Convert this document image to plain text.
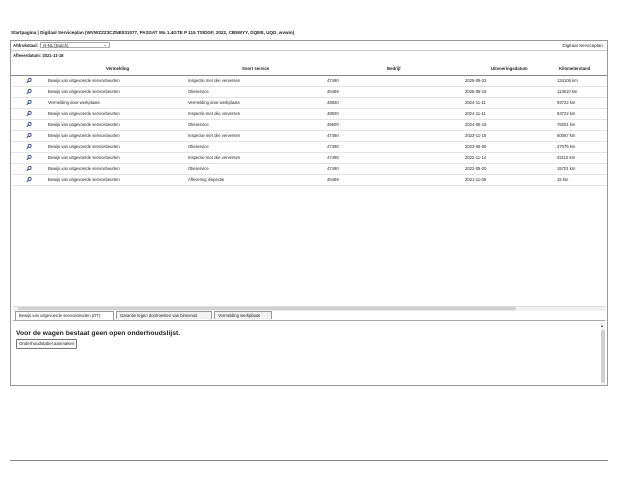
Startpagina | Digitaal Serviceplan (WVWZZZ3CZNE031077, PASSAT Wa 1.4GTE P 115 TSIDGF, 2022, CB5WYY, DQEB, UQD, wvwin)
Afdrukstaal:	nl-NL (Dutch)	⌄	Digitaal Serviceplan
Afleverdatum: 2021-11-18
Vermelding	Soort service	Bedrijf	Uitvoeringsdatum	Kilometerstand
Bewijs van uitgevoerde servicebeurten	Inspectie met olie verversen	47490	2025-09-23	134106 km
Bewijs van uitgevoerde servicebeurten	Olieservice	45469	2025-05-16	113610 km
Vermelding door werkplaats	Vermelding door werkplaats	48920	2024-11-11	93722 km
Bewijs van uitgevoerde servicebeurten	Inspectie met olie verversen	48920	2024-11-11	93722 km
Bewijs van uitgevoerde servicebeurten	Olieservice	46600	2024-05-16	78201 km
Bewijs van uitgevoerde servicebeurten	Inspectie met olie verversen	47490	2023-11-15	60087 km
Bewijs van uitgevoerde servicebeurten	Olieservice	47490	2023-05-06	47076 km
Bewijs van uitgevoerde servicebeurten	Inspectie met olie verversen	47490	2022-11-14	32110 km
Bewijs van uitgevoerde servicebeurten	Olieservice	47490	2022-05-20	15701 km
Bewijs van uitgevoerde servicebeurten	Aflevering inspectie	45469	2021-11-06	15 km
Bewijs van uitgevoerde servicebeurten (DT)	Garantie tegen doorroesten van binnenuit	Vermelding werkplaats
Voor de wagen bestaat geen open onderhoudslijst.
Onderhoudstabel aanmaken
▴
